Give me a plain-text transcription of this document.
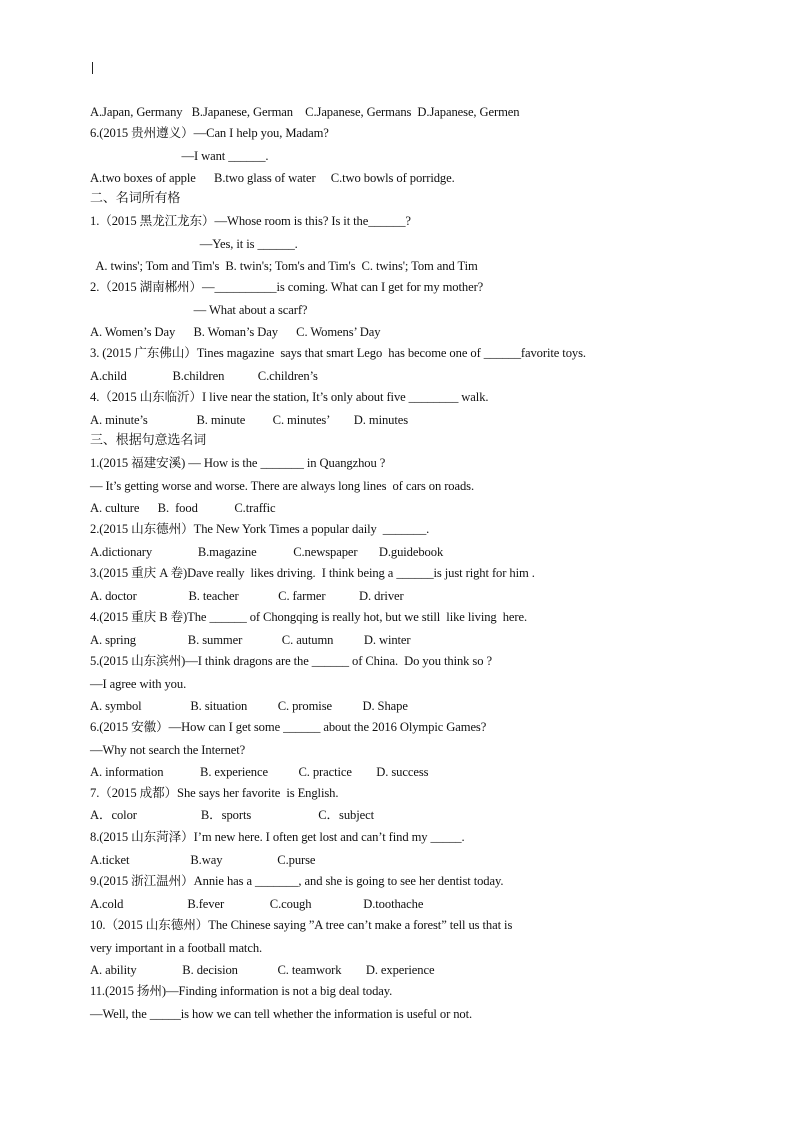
A.Japan, Germany   B.Japanese, German    C.Japanese, Germans  D.Japanese, Germen
6.(2015 贵州遵义）—Can I help you, Madam?
—I want ______.
A.two boxes of apple      B.two glass of water     C.two bowls of porridge.
二、名词所有格
1.（2015 黑龙江龙东）—Whose room is this? Is it the______?
—Yes, it is ______.
A. twins'; Tom and Tim's  B. twin's; Tom's and Tim's  C. twins'; Tom and Tim
2.（2015 湖南郴州）—__________is coming. What can I get for my mother?
— What about a scarf?
A. Women’s Day      B. Woman’s Day      C. Womens’ Day
3. (2015 广东佛山）Tines magazine  says that smart Lego  has become one of ______favorite toys.
A.child               B.children           C.children’s
4.（2015 山东临沂）I live near the station, It’s only about five ________ walk.
A. minute’s                B. minute         C. minutes’        D. minutes
三、根据句意选名词
1.(2015 福建安溪) — How is the _______ in Quangzhou ?
— It’s getting worse and worse. There are always long lines  of cars on roads.
A. culture      B.  food            C.traffic
2.(2015 山东德州）The New York Times a popular daily  _______.
A.dictionary               B.magazine            C.newspaper       D.guidebook
3.(2015 重庆 A 卷)Dave really  likes driving.  I think being a ______is just right for him .
A. doctor                 B. teacher             C. farmer           D. driver
4.(2015 重庆 B 卷)The ______ of Chongqing is really hot, but we still  like living  here.
A. spring                 B. summer             C. autumn          D. winter
5.(2015 山东滨州)—I think dragons are the ______ of China.  Do you think so ?
—I agree with you.
A. symbol                B. situation          C. promise          D. Shape
6.(2015 安徽）—How can I get some ______ about the 2016 Olympic Games?
—Why not search the Internet?
A. information            B. experience          C. practice        D. success
7.（2015 成都）She says her favorite  is English.
A．color                     B．sports                      C．subject
8.(2015 山东菏泽）I’m new here. I often get lost and can’t find my _____.
A.ticket                    B.way                  C.purse
9.(2015 浙江温州）Annie has a _______, and she is going to see her dentist today.
A.cold                     B.fever               C.cough                 D.toothache
10.（2015 山东德州）The Chinese saying ”A tree can’t make a forest” tell us that is
very important in a football match.
A. ability               B. decision             C. teamwork        D. experience
11.(2015 扬州)—Finding information is not a big deal today.
—Well, the _____is how we can tell whether the information is useful or not.
